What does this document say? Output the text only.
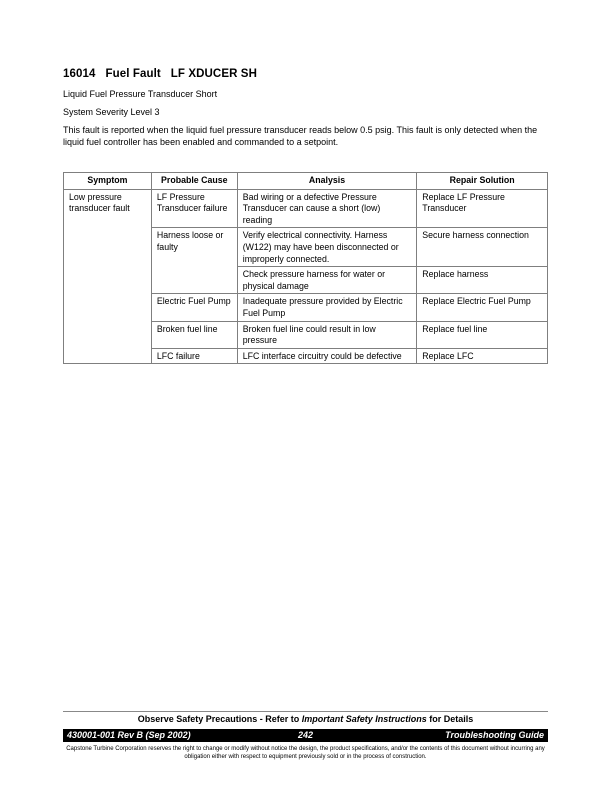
16014 Fuel Fault LF XDUCER SH
Liquid Fuel Pressure Transducer Short
System Severity Level 3
This fault is reported when the liquid fuel pressure transducer reads below 0.5 psig. This fault is only detected when the liquid fuel controller has been enabled and commanded to a setpoint.
Symptom	Probable Cause	Analysis	Repair Solution
Low pressure transducer fault	LF Pressure Transducer failure	Bad wiring or a defective Pressure Transducer can cause a short (low) reading	Replace LF Pressure Transducer
	Harness loose or faulty	Verify electrical connectivity. Harness (W122) may have been disconnected or improperly connected.	Secure harness connection
		Check pressure harness for water or physical damage	Replace harness
	Electric Fuel Pump	Inadequate pressure provided by Electric Fuel Pump	Replace Electric Fuel Pump
	Broken fuel line	Broken fuel line could result in low pressure	Replace fuel line
	LFC failure	LFC interface circuitry could be defective	Replace LFC
Observe Safety Precautions - Refer to Important Safety Instructions for Details
242
430001-001 Rev B (Sep 2002)	Troubleshooting Guide
Capstone Turbine Corporation reserves the right to change or modify without notice the design, the product specifications, and/or the contents of this document without incurring any obligation either with respect to equipment previously sold or in the process of construction.
